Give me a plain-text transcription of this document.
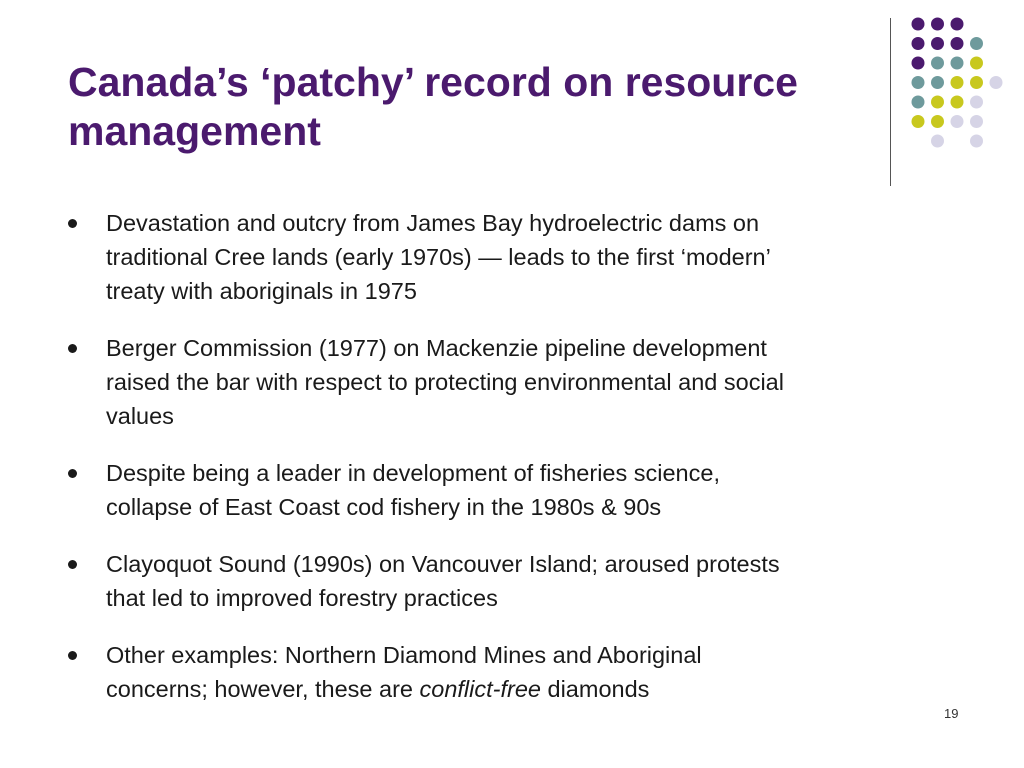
Canada’s ‘patchy’ record on resource
management
Devastation and outcry from James Bay hydroelectric dams on
traditional Cree lands (early 1970s) — leads to the first ‘modern’
treaty with aboriginals in 1975
Berger Commission (1977) on Mackenzie pipeline development
raised the bar with respect to protecting environmental and social
values
Despite being a leader in development of fisheries science,
collapse of East Coast cod fishery in the 1980s & 90s
Clayoquot Sound (1990s) on Vancouver Island; aroused protests
that led to improved forestry practices
Other examples: Northern Diamond Mines and Aboriginal
concerns; however, these are conflict-free diamonds
19
